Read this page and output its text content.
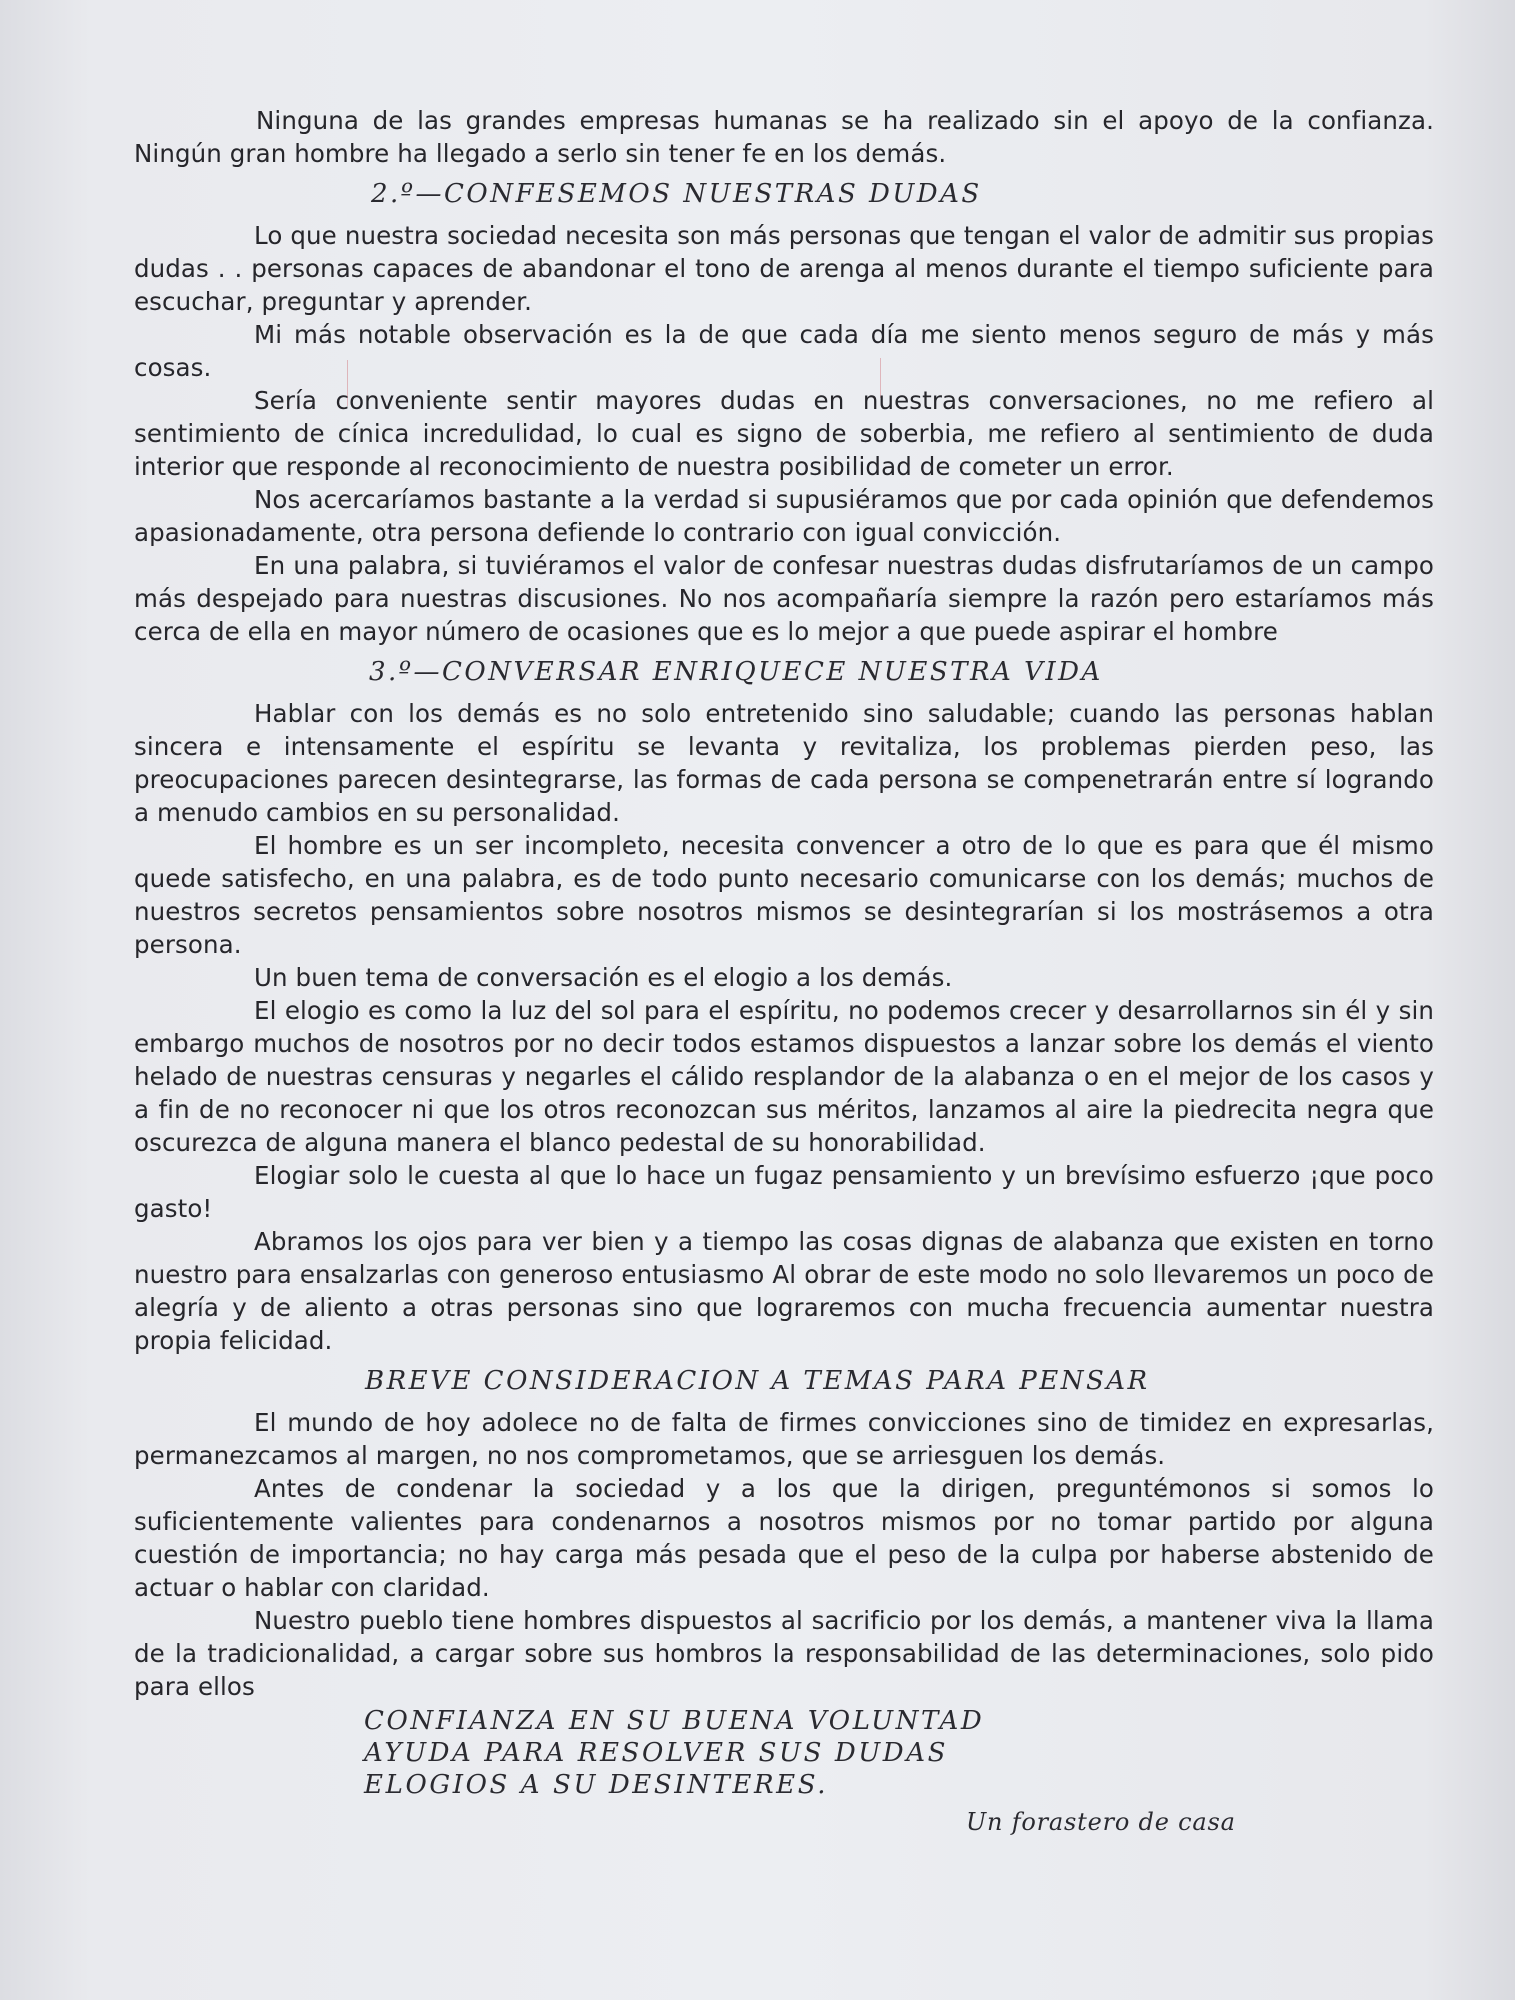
Ninguna de las grandes empresas humanas se ha realizado sin el apoyo de la confianza. Ningún gran hombre ha llegado a serlo sin tener fe en los demás.

2.º—CONFESEMOS NUESTRAS DUDAS

Lo que nuestra sociedad necesita son más personas que tengan el valor de admitir sus propias dudas . . personas capaces de abandonar el tono de arenga al menos durante el tiempo suficiente para escuchar, preguntar y aprender.

Mi más notable observación es la de que cada día me siento menos seguro de más y más cosas.

Sería conveniente sentir mayores dudas en nuestras conversaciones, no me refiero al sentimiento de cínica incredulidad, lo cual es signo de soberbia, me refiero al sentimiento de duda interior que responde al reconocimiento de nuestra posibilidad de cometer un error.

Nos acercaríamos bastante a la verdad si supusiéramos que por cada opinión que defendemos apasionadamente, otra persona defiende lo contrario con igual convicción.

En una palabra, si tuviéramos el valor de confesar nuestras dudas disfrutaríamos de un campo más despejado para nuestras discusiones. No nos acompañaría siempre la razón pero estaríamos más cerca de ella en mayor número de ocasiones que es lo mejor a que puede aspirar el hombre

3.º—CONVERSAR ENRIQUECE NUESTRA VIDA

Hablar con los demás es no solo entretenido sino saludable; cuando las personas hablan sincera e intensamente el espíritu se levanta y revitaliza, los problemas pierden peso, las preocupaciones parecen desintegrarse, las formas de cada persona se compenetrarán entre sí logrando a menudo cambios en su personalidad.

El hombre es un ser incompleto, necesita convencer a otro de lo que es para que él mismo quede satisfecho, en una palabra, es de todo punto necesario comunicarse con los demás; muchos de nuestros secretos pensamientos sobre nosotros mismos se desintegrarían si los mostrásemos a otra persona.

Un buen tema de conversación es el elogio a los demás.

El elogio es como la luz del sol para el espíritu, no podemos crecer y desarrollarnos sin él y sin embargo muchos de nosotros por no decir todos estamos dispuestos a lanzar sobre los demás el viento helado de nuestras censuras y negarles el cálido resplandor de la alabanza o en el mejor de los casos y a fin de no reconocer ni que los otros reconozcan sus méritos, lanzamos al aire la piedrecita negra que oscurezca de alguna manera el blanco pedestal de su honorabilidad.

Elogiar solo le cuesta al que lo hace un fugaz pensamiento y un brevísimo esfuerzo ¡que poco gasto!

Abramos los ojos para ver bien y a tiempo las cosas dignas de alabanza que existen en torno nuestro para ensalzarlas con generoso entusiasmo Al obrar de este modo no solo llevaremos un poco de alegría y de aliento a otras personas sino que lograremos con mucha frecuencia aumentar nuestra propia felicidad.

BREVE CONSIDERACION A TEMAS PARA PENSAR

El mundo de hoy adolece no de falta de firmes convicciones sino de timidez en expresarlas, permanezcamos al margen, no nos comprometamos, que se arriesguen los demás.

Antes de condenar la sociedad y a los que la dirigen, preguntémonos si somos lo suficientemente valientes para condenarnos a nosotros mismos por no tomar partido por alguna cuestión de importancia; no hay carga más pesada que el peso de la culpa por haberse abstenido de actuar o hablar con claridad.

Nuestro pueblo tiene hombres dispuestos al sacrificio por los demás, a mantener viva la llama de la tradicionalidad, a cargar sobre sus hombros la responsabilidad de las determinaciones, solo pido para ellos

CONFIANZA EN SU BUENA VOLUNTAD
AYUDA PARA RESOLVER SUS DUDAS
ELOGIOS A SU DESINTERES.
Un forastero de casa
